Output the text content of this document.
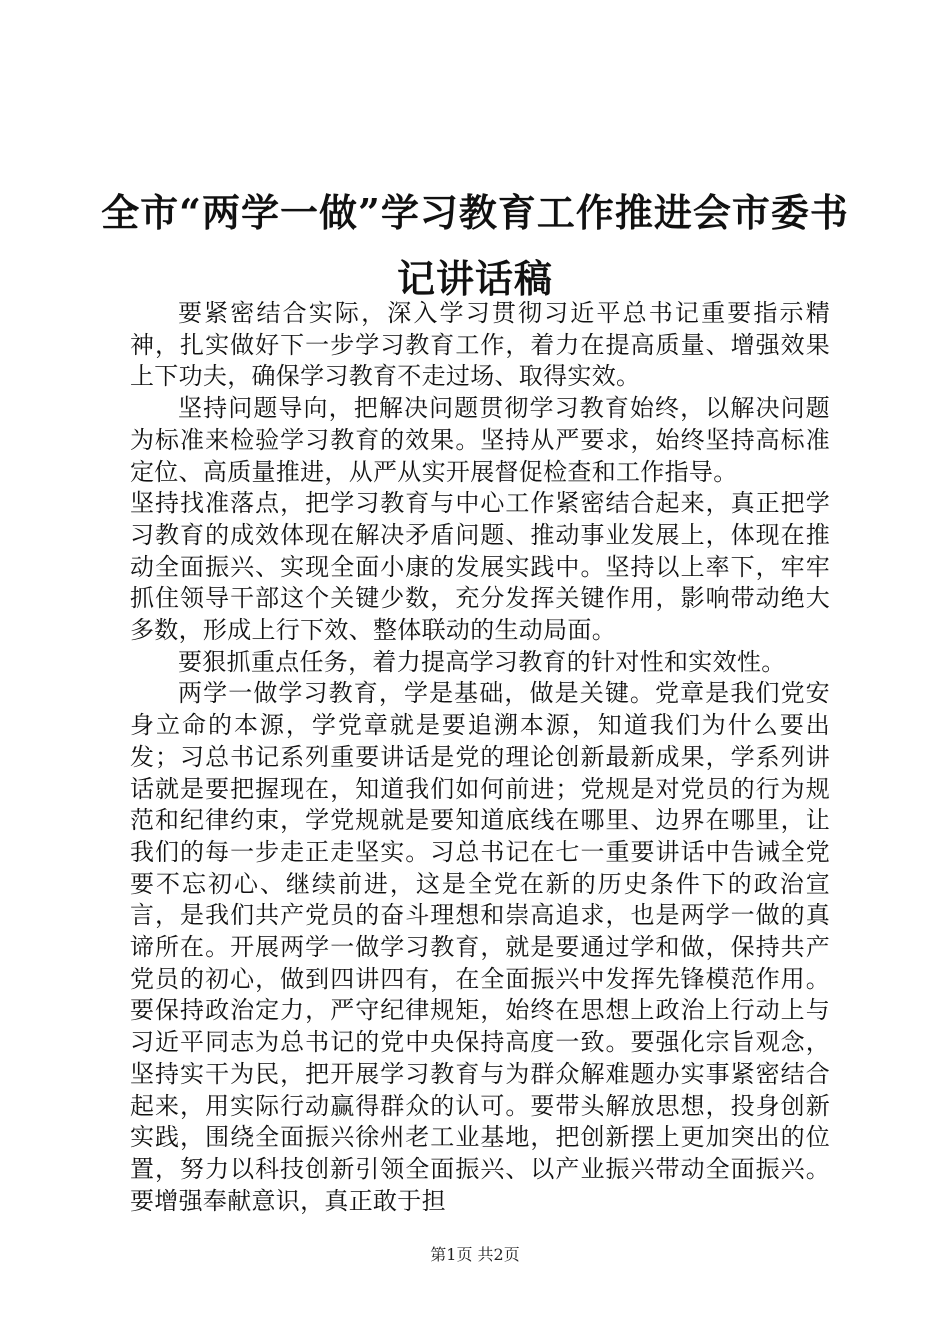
全市“两学一做”学习教育工作推进会市委书
记讲话稿

要紧密结合实际，深入学习贯彻习近平总书记重要指示精神，扎实做好下一步学习教育工作，着力在提高质量、增强效果上下功夫，确保学习教育不走过场、取得实效。

坚持问题导向，把解决问题贯彻学习教育始终，以解决问题为标准来检验学习教育的效果。坚持从严要求，始终坚持高标准定位、高质量推进，从严从实开展督促检查和工作指导。

坚持找准落点，把学习教育与中心工作紧密结合起来，真正把学习教育的成效体现在解决矛盾问题、推动事业发展上，体现在推动全面振兴、实现全面小康的发展实践中。坚持以上率下，牢牢抓住领导干部这个关键少数，充分发挥关键作用，影响带动绝大多数，形成上行下效、整体联动的生动局面。

要狠抓重点任务，着力提高学习教育的针对性和实效性。

两学一做学习教育，学是基础，做是关键。党章是我们党安身立命的本源，学党章就是要追溯本源，知道我们为什么要出发；习总书记系列重要讲话是党的理论创新最新成果，学系列讲话就是要把握现在，知道我们如何前进；党规是对党员的行为规范和纪律约束，学党规就是要知道底线在哪里、边界在哪里，让我们的每一步走正走坚实。习总书记在七一重要讲话中告诫全党要不忘初心、继续前进，这是全党在新的历史条件下的政治宣言，是我们共产党员的奋斗理想和崇高追求，也是两学一做的真谛所在。开展两学一做学习教育，就是要通过学和做，保持共产党员的初心，做到四讲四有，在全面振兴中发挥先锋模范作用。要保持政治定力，严守纪律规矩，始终在思想上政治上行动上与习近平同志为总书记的党中央保持高度一致。要强化宗旨观念，坚持实干为民，把开展学习教育与为群众解难题办实事紧密结合起来，用实际行动赢得群众的认可。要带头解放思想，投身创新实践，围绕全面振兴徐州老工业基地，把创新摆上更加突出的位置，努力以科技创新引领全面振兴、以产业振兴带动全面振兴。要增强奉献意识，真正敢于担

第1页 共2页
